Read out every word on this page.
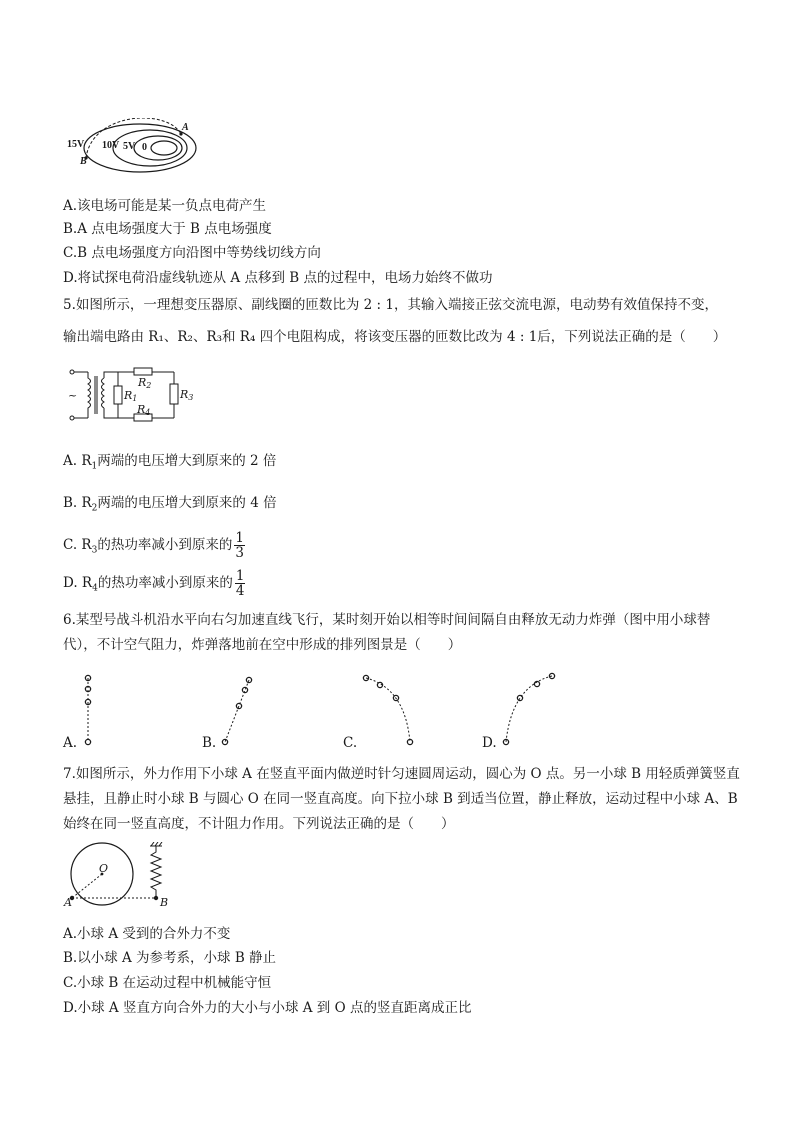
15V 10V 5V 0
A
B
A.该电场可能是某一负点电荷产生
B.A 点电场强度大于 B 点电场强度
C.B 点电场强度方向沿图中等势线切线方向
D.将试探电荷沿虚线轨迹从 A 点移到 B 点的过程中，电场力始终不做功
5.如图所示，一理想变压器原、副线圈的匝数比为 2 : 1，其输入端接正弦交流电源，电动势有效值保持不变，
输出端电路由 R₁、R₂、R₃和 R₄ 四个电阻构成，将该变压器的匝数比改为 4 : 1后，下列说法正确的是（　　）
~
R2
R1	R3
R4
A. $R_1$两端的电压增大到原来的 2 倍
B. $R_2$两端的电压增大到原来的 4 倍
C. $R_3$的热功率减小到原来的 $\frac{1}{3}$
D. $R_4$的热功率减小到原来的 $\frac{1}{4}$
6.某型号战斗机沿水平向右匀加速直线飞行，某时刻开始以相等时间间隔自由释放无动力炸弹（图中用小球替代），不计空气阻力，炸弹落地前在空中形成的排列图景是（　　）
A.	B.	C.	D.
7.如图所示，外力作用下小球 A 在竖直平面内做逆时针匀速圆周运动，圆心为 O 点。另一小球 B 用轻质弹簧竖直悬挂，且静止时小球 B 与圆心 O 在同一竖直高度。向下拉小球 B 到适当位置，静止释放，运动过程中小球 A、B 始终在同一竖直高度，不计阻力作用。下列说法正确的是（　　）
O
A	B
A.小球 A 受到的合外力不变
B.以小球 A 为参考系，小球 B 静止
C.小球 B 在运动过程中机械能守恒
D.小球 A 竖直方向合外力的大小与小球 A 到 O 点的竖直距离成正比
